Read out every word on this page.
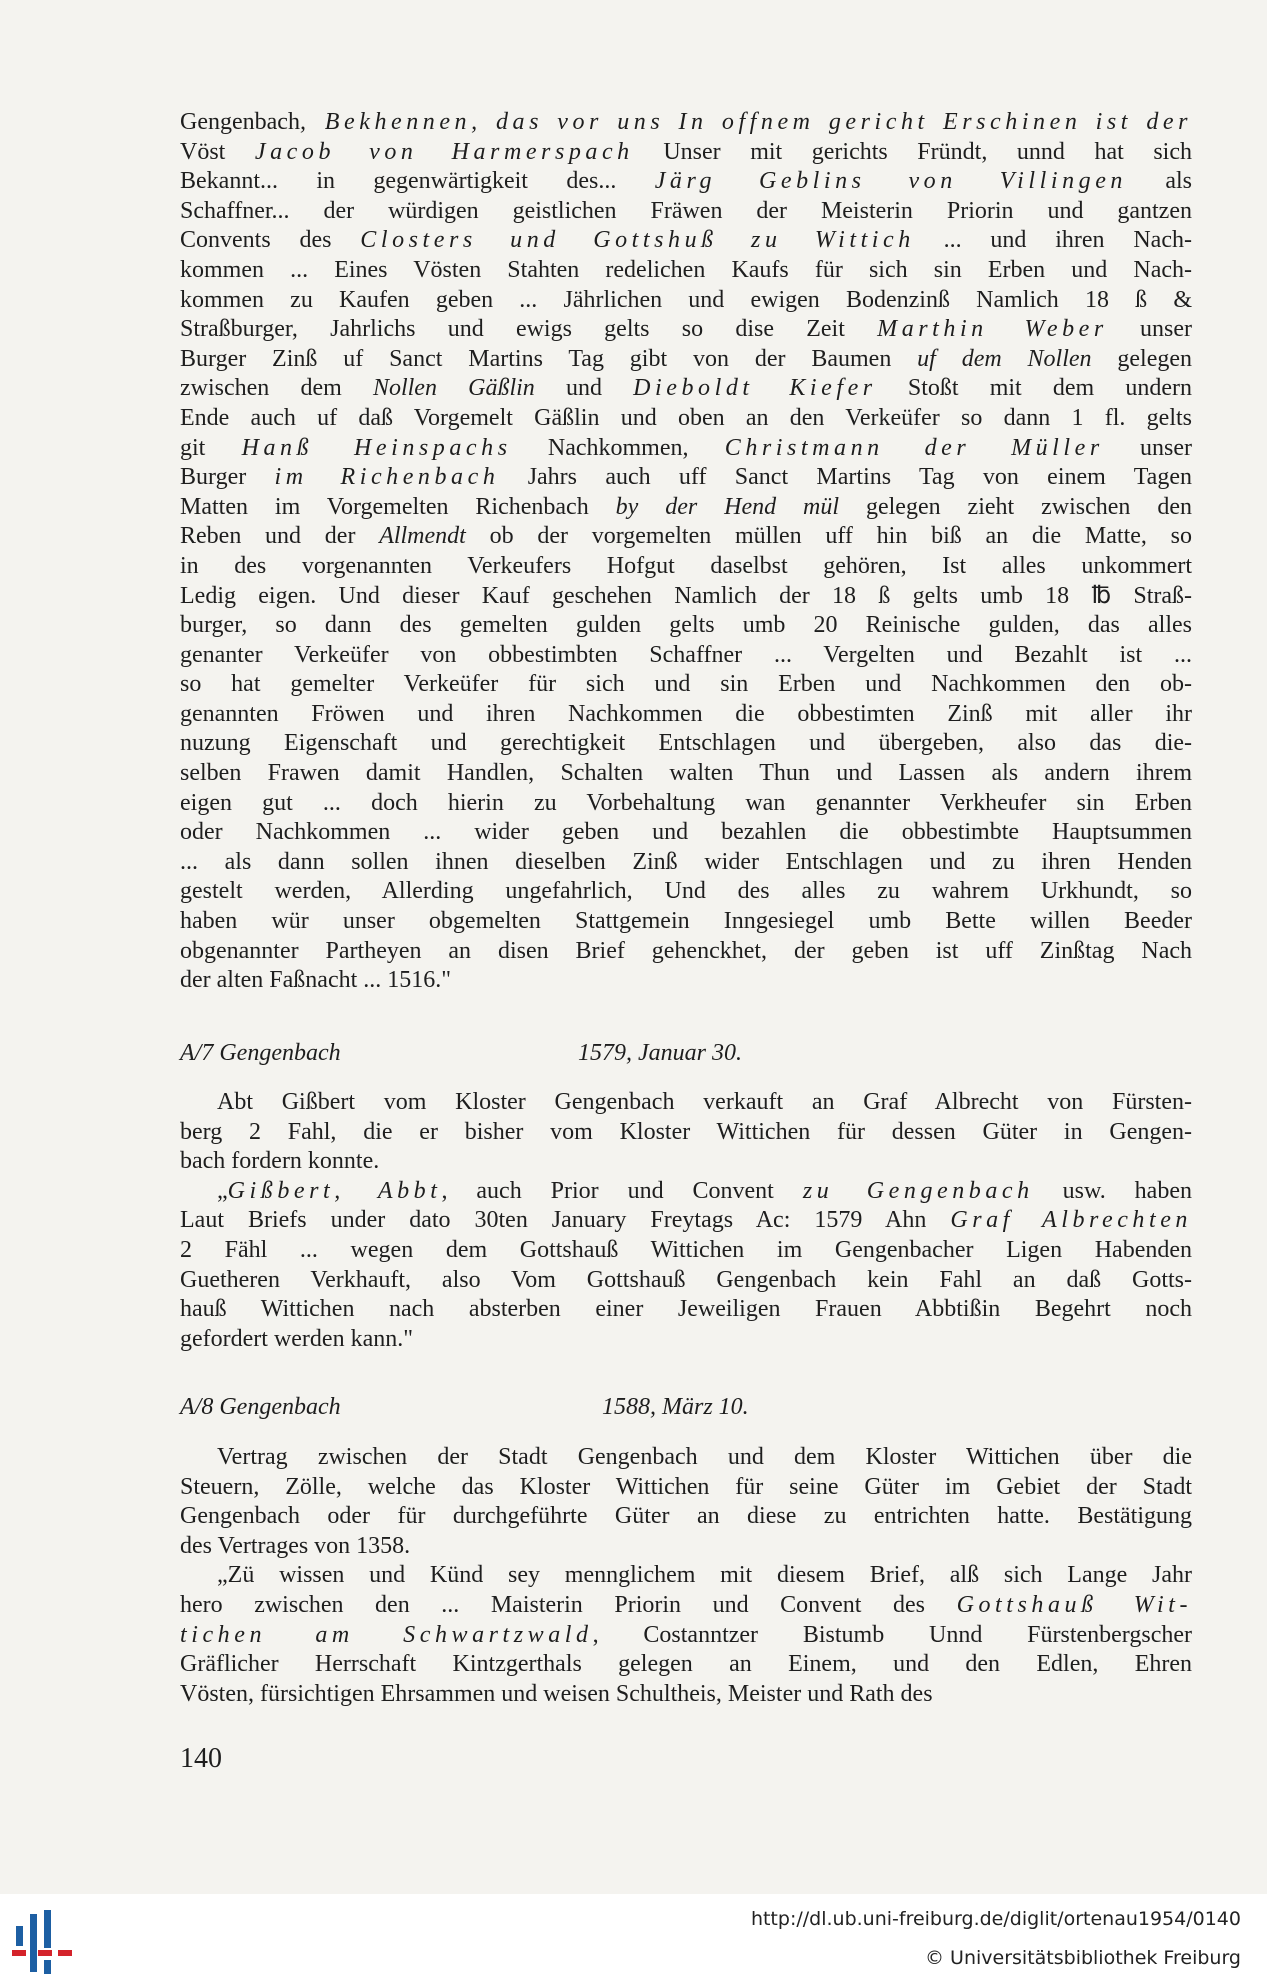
Gengenbach, Bekhennen, das vor uns In offnem gericht Erschinen ist der
Vöst Jacob von Harmerspach Unser mit gerichts Fründt, unnd hat sich
Bekannt... in gegenwärtigkeit des... Järg Geblins von Villingen als
Schaffner... der würdigen geistlichen Fräwen der Meisterin Priorin und gantzen
Convents des Closters und Gottshuß zu Wittich ... und ihren Nach-
kommen ... Eines Vösten Stahten redelichen Kaufs für sich sin Erben und Nach-
kommen zu Kaufen geben ... Jährlichen und ewigen Bodenzinß Namlich 18 ß &
Straßburger, Jahrlichs und ewigs gelts so dise Zeit Marthin Weber unser
Burger Zinß uf Sanct Martins Tag gibt von der Baumen uf dem Nollen gelegen
zwischen dem Nollen Gäßlin und Dieboldt Kiefer Stoßt mit dem undern
Ende auch uf daß Vorgemelt Gäßlin und oben an den Verkeüfer so dann 1 fl. gelts
git Hanß Heinspachs Nachkommen, Christmann der Müller unser
Burger im Richenbach Jahrs auch uff Sanct Martins Tag von einem Tagen
Matten im Vorgemelten Richenbach by der Hend mül gelegen zieht zwischen den
Reben und der Allmendt ob der vorgemelten müllen uff hin biß an die Matte, so
in des vorgenannten Verkeufers Hofgut daselbst gehören, Ist alles unkommert
Ledig eigen. Und dieser Kauf geschehen Namlich der 18 ß gelts umb 18 ℔ Straß-
burger, so dann des gemelten gulden gelts umb 20 Reinische gulden, das alles
genanter Verkeüfer von obbestimbten Schaffner ... Vergelten und Bezahlt ist ...
so hat gemelter Verkeüfer für sich und sin Erben und Nachkommen den ob-
genannten Fröwen und ihren Nachkommen die obbestimten Zinß mit aller ihr
nuzung Eigenschaft und gerechtigkeit Entschlagen und übergeben, also das die-
selben Frawen damit Handlen, Schalten walten Thun und Lassen als andern ihrem
eigen gut ... doch hierin zu Vorbehaltung wan genannter Verkheufer sin Erben
oder Nachkommen ... wider geben und bezahlen die obbestimbte Hauptsummen
... als dann sollen ihnen dieselben Zinß wider Entschlagen und zu ihren Henden
gestelt werden, Allerding ungefahrlich, Und des alles zu wahrem Urkhundt, so
haben wür unser obgemelten Stattgemein Inngesiegel umb Bette willen Beeder
obgenannter Partheyen an disen Brief gehenckhet, der geben ist uff Zinßtag Nach
der alten Faßnacht ... 1516."
A/7 Gengenbach	1579, Januar 30.
Abt Gißbert vom Kloster Gengenbach verkauft an Graf Albrecht von Fürsten-
berg 2 Fahl, die er bisher vom Kloster Wittichen für dessen Güter in Gengen-
bach fordern konnte.
„Gißbert, Abbt, auch Prior und Convent zu Gengenbach usw. haben
Laut Briefs under dato 30ten January Freytags Ac: 1579 Ahn Graf Albrechten
2 Fähl ... wegen dem Gottshauß Wittichen im Gengenbacher Ligen Habenden
Guetheren Verkhauft, also Vom Gottshauß Gengenbach kein Fahl an daß Gotts-
hauß Wittichen nach absterben einer Jeweiligen Frauen Abbtißin Begehrt noch
gefordert werden kann."
A/8 Gengenbach	1588, März 10.
Vertrag zwischen der Stadt Gengenbach und dem Kloster Wittichen über die
Steuern, Zölle, welche das Kloster Wittichen für seine Güter im Gebiet der Stadt
Gengenbach oder für durchgeführte Güter an diese zu entrichten hatte. Bestätigung
des Vertrages von 1358.
„Zü wissen und Künd sey mennglichem mit diesem Brief, alß sich Lange Jahr
hero zwischen den ... Maisterin Priorin und Convent des Gottshauß Wit-
tichen am Schwartzwald, Costanntzer Bistumb Unnd Fürstenbergscher
Gräflicher Herrschaft Kintzgerthals gelegen an Einem, und den Edlen, Ehren
Vösten, fürsichtigen Ehrsammen und weisen Schultheis, Meister und Rath des
140
http://dl.ub.uni-freiburg.de/diglit/ortenau1954/0140
© Universitätsbibliothek Freiburg
